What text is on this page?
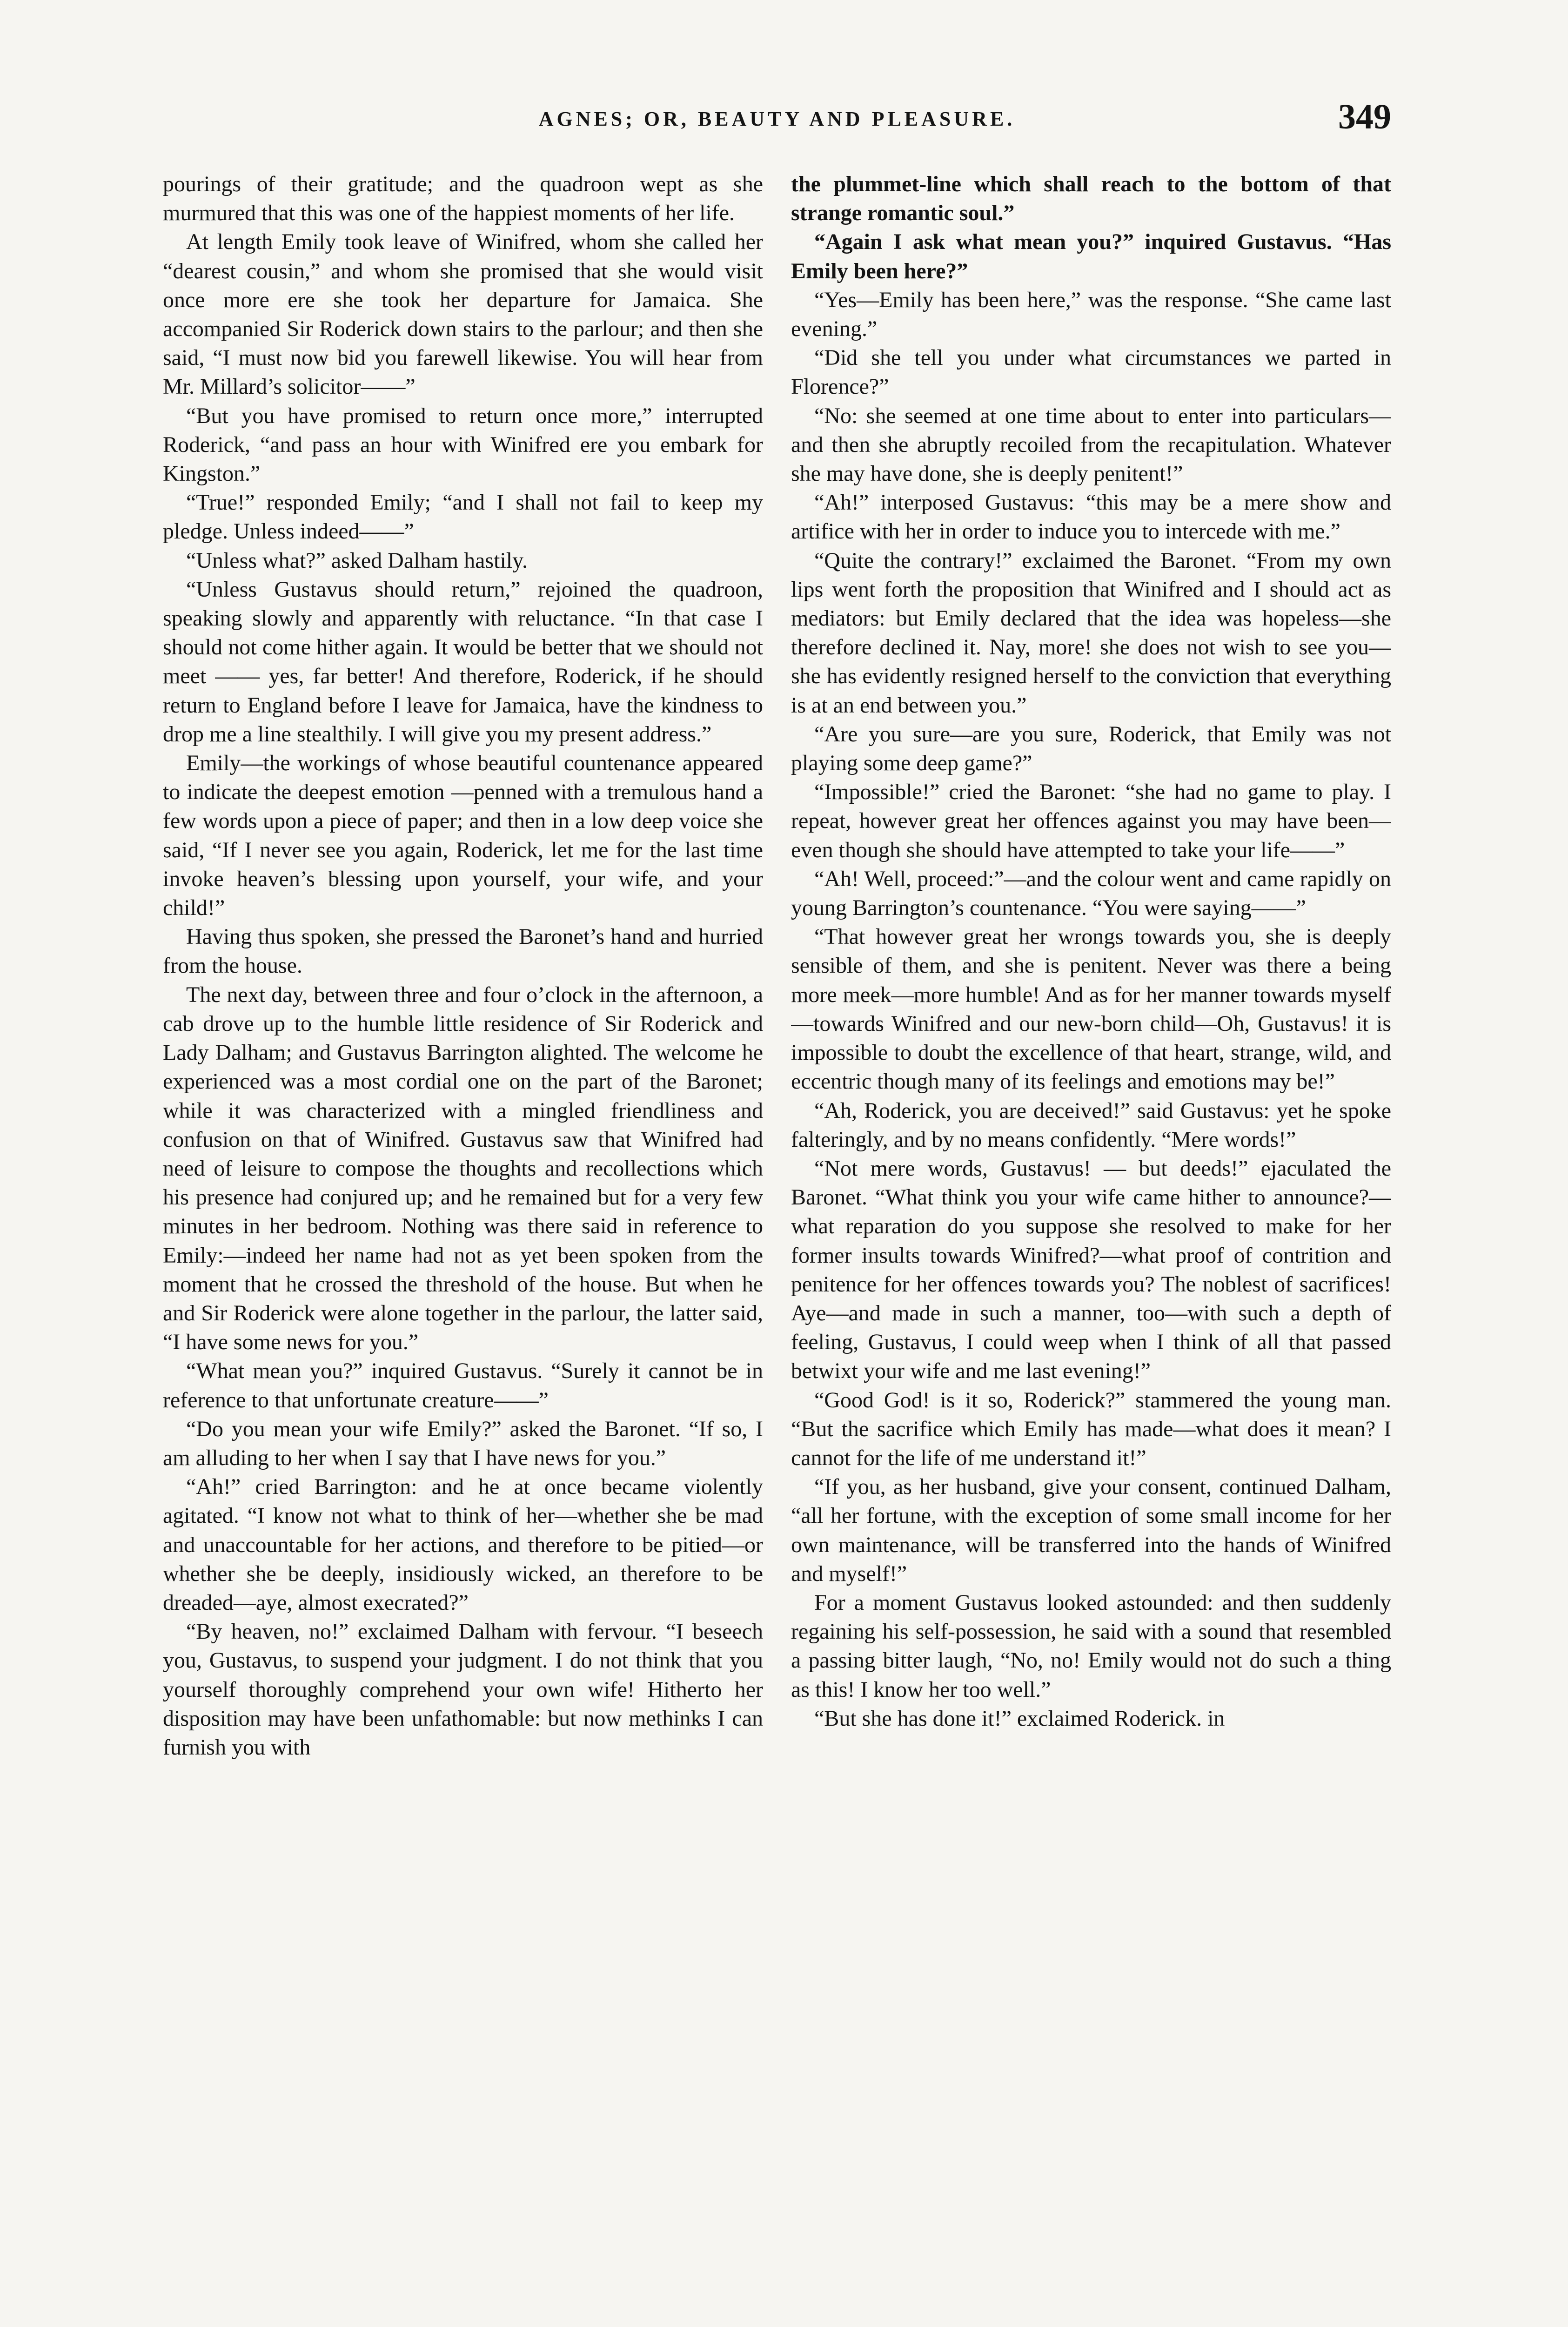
AGNES; OR, BEAUTY AND PLEASURE.	349

pourings of their gratitude; and the quadroon wept as she murmured that this was one of the happiest moments of her life.

At length Emily took leave of Winifred, whom she called her “dearest cousin,” and whom she promised that she would visit once more ere she took her departure for Jamaica. She accompanied Sir Roderick down stairs to the parlour; and then she said, “I must now bid you farewell likewise. You will hear from Mr. Millard’s solicitor——”

“But you have promised to return once more,” interrupted Roderick, “and pass an hour with Winifred ere you embark for Kingston.”

“True!” responded Emily; “and I shall not fail to keep my pledge. Unless indeed——”

“Unless what?” asked Dalham hastily.

“Unless Gustavus should return,” rejoined the quadroon, speaking slowly and apparently with reluctance. “In that case I should not come hither again. It would be better that we should not meet —— yes, far better! And therefore, Roderick, if he should return to England before I leave for Jamaica, have the kindness to drop me a line stealthily. I will give you my present address.”

Emily—the workings of whose beautiful countenance appeared to indicate the deepest emotion —penned with a tremulous hand a few words upon a piece of paper; and then in a low deep voice she said, “If I never see you again, Roderick, let me for the last time invoke heaven’s blessing upon yourself, your wife, and your child!”

Having thus spoken, she pressed the Baronet’s hand and hurried from the house.

The next day, between three and four o’clock in the afternoon, a cab drove up to the humble little residence of Sir Roderick and Lady Dalham; and Gustavus Barrington alighted. The welcome he experienced was a most cordial one on the part of the Baronet; while it was characterized with a mingled friendliness and confusion on that of Winifred. Gustavus saw that Winifred had need of leisure to compose the thoughts and recollections which his presence had conjured up; and he remained but for a very few minutes in her bedroom. Nothing was there said in reference to Emily:—indeed her name had not as yet been spoken from the moment that he crossed the threshold of the house. But when he and Sir Roderick were alone together in the parlour, the latter said, “I have some news for you.”

“What mean you?” inquired Gustavus. “Surely it cannot be in reference to that unfortunate creature——”

“Do you mean your wife Emily?” asked the Baronet. “If so, I am alluding to her when I say that I have news for you.”

“Ah!” cried Barrington: and he at once became violently agitated. “I know not what to think of her—whether she be mad and unaccountable for her actions, and therefore to be pitied—or whether she be deeply, insidiously wicked, an therefore to be dreaded—aye, almost execrated?”

“By heaven, no!” exclaimed Dalham with fervour. “I beseech you, Gustavus, to suspend your judgment. I do not think that you yourself thoroughly comprehend your own wife! Hitherto her disposition may have been unfathomable: but now methinks I can furnish you with

the plummet-line which shall reach to the bottom of that strange romantic soul.”

“Again I ask what mean you?” inquired Gustavus. “Has Emily been here?”

“Yes—Emily has been here,” was the response. “She came last evening.”

“Did she tell you under what circumstances we parted in Florence?”

“No: she seemed at one time about to enter into particulars—and then she abruptly recoiled from the recapitulation. Whatever she may have done, she is deeply penitent!”

“Ah!” interposed Gustavus: “this may be a mere show and artifice with her in order to induce you to intercede with me.”

“Quite the contrary!” exclaimed the Baronet. “From my own lips went forth the proposition that Winifred and I should act as mediators: but Emily declared that the idea was hopeless—she therefore declined it. Nay, more! she does not wish to see you—she has evidently resigned herself to the conviction that everything is at an end between you.”

“Are you sure—are you sure, Roderick, that Emily was not playing some deep game?”

“Impossible!” cried the Baronet: “she had no game to play. I repeat, however great her offences against you may have been—even though she should have attempted to take your life——”

“Ah! Well, proceed:”—and the colour went and came rapidly on young Barrington’s countenance. “You were saying——”

“That however great her wrongs towards you, she is deeply sensible of them, and she is penitent. Never was there a being more meek—more humble! And as for her manner towards myself—towards Winifred and our new-born child—Oh, Gustavus! it is impossible to doubt the excellence of that heart, strange, wild, and eccentric though many of its feelings and emotions may be!”

“Ah, Roderick, you are deceived!” said Gustavus: yet he spoke falteringly, and by no means confidently. “Mere words!”

“Not mere words, Gustavus! — but deeds!” ejaculated the Baronet. “What think you your wife came hither to announce?—what reparation do you suppose she resolved to make for her former insults towards Winifred?—what proof of contrition and penitence for her offences towards you? The noblest of sacrifices! Aye—and made in such a manner, too—with such a depth of feeling, Gustavus, I could weep when I think of all that passed betwixt your wife and me last evening!”

“Good God! is it so, Roderick?” stammered the young man. “But the sacrifice which Emily has made—what does it mean? I cannot for the life of me understand it!”

“If you, as her husband, give your consent, continued Dalham, “all her fortune, with the exception of some small income for her own maintenance, will be transferred into the hands of Winifred and myself!”

For a moment Gustavus looked astounded: and then suddenly regaining his self-possession, he said with a sound that resembled a passing bitter laugh, “No, no! Emily would not do such a thing as this! I know her too well.”

“But she has done it!” exclaimed Roderick. in
